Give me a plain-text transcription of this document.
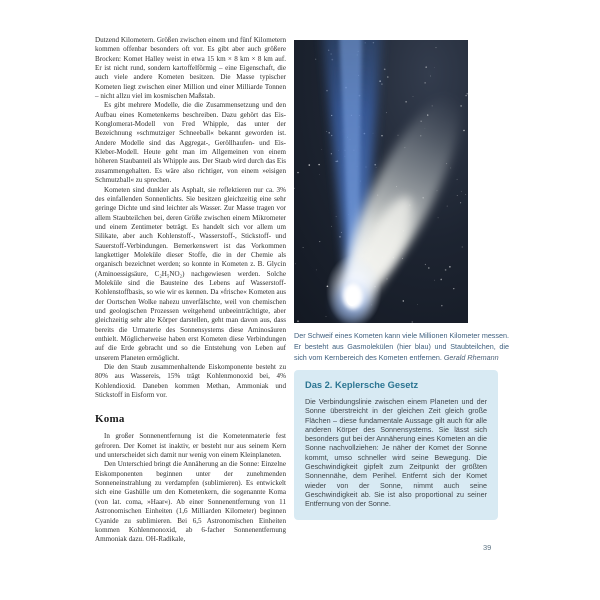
Dutzend Kilometern. Größen zwischen einem und fünf Kilometern kommen offenbar besonders oft vor. Es gibt aber auch größere Brocken: Komet Halley weist in etwa 15 km × 8 km × 8 km auf. Er ist nicht rund, sondern kartoffelförmig – eine Eigenschaft, die auch viele andere Kometen besitzen. Die Masse typischer Kometen liegt zwischen einer Million und einer Milliarde Tonnen – nicht allzu viel im kosmischen Maßstab.

Es gibt mehrere Modelle, die die Zusammensetzung und den Aufbau eines Kometenkerns beschreiben. Dazu gehört das Eis-Konglomerat-Modell von Fred Whipple, das unter der Bezeichnung »schmutziger Schneeball« bekannt geworden ist. Andere Modelle sind das Aggregat-, Geröllhaufen- und Eis-Kleber-Modell. Heute geht man im Allgemeinen von einem höheren Staubanteil als Whipple aus. Der Staub wird durch das Eis zusammengehalten. Es wäre also richtiger, von einem »eisigen Schmutzball« zu sprechen.

Kometen sind dunkler als Asphalt, sie reflektieren nur ca. 3% des einfallenden Sonnenlichts. Sie besitzen gleichzeitig eine sehr geringe Dichte und sind leichter als Wasser. Zur Masse tragen vor allem Staubteilchen bei, deren Größe zwischen einem Mikrometer und einem Zentimeter beträgt. Es handelt sich vor allem um Silikate, aber auch Kohlenstoff-, Wasserstoff-, Stickstoff- und Sauerstoff-Verbindungen. Bemerkenswert ist das Vorkommen langkettiger Moleküle dieser Stoffe, die in der Chemie als organisch bezeichnet werden; so konnte in Kometen z. B. Glycin (Aminoessigsäure, C₂H₅NO₂) nachgewiesen werden. Solche Moleküle sind die Bausteine des Lebens auf Wasserstoff-Kohlenstoffbasis, so wie wir es kennen. Da »frische« Kometen aus der Oortschen Wolke nahezu unverfälschte, weil von chemischen und geologischen Prozessen weitgehend unbeeinträchtigte, aber gleichzeitig sehr alte Körper darstellen, geht man davon aus, dass bereits die Urmaterie des Sonnensystems diese Aminosäuren enthielt. Möglicherweise haben erst Kometen diese Verbindungen auf die Erde gebracht und so die Entstehung von Leben auf unserem Planeten ermöglicht.

Die den Staub zusammenhaltende Eiskomponente besteht zu 80% aus Wassereis, 15% trägt Kohlenmonoxid bei, 4% Kohlendioxid. Daneben kommen Methan, Ammoniak und Stickstoff in Eisform vor.

Koma

In großer Sonnenentfernung ist die Kometenmaterie fest gefroren. Der Komet ist inaktiv, er besteht nur aus seinem Kern und unterscheidet sich damit nur wenig von einem Kleinplaneten.

Den Unterschied bringt die Annäherung an die Sonne: Einzelne Eiskomponenten beginnen unter der zunehmenden Sonneneinstrahlung zu verdampfen (sublimieren). Es entwickelt sich eine Gashülle um den Kometenkern, die sogenannte Koma (von lat. coma, »Haar«). Ab einer Sonnenentfernung von 11 Astronomischen Einheiten (1,6 Milliarden Kilometer) beginnen Cyanide zu sublimieren. Bei 6,5 Astronomischen Einheiten kommen Kohlenmonoxid, ab 6-facher Sonnenentfernung Ammoniak dazu. OH-Radikale,

Der Schweif eines Kometen kann viele Millionen Kilometer messen. Er besteht aus Gasmolekülen (hier blau) und Staubteilchen, die sich vom Kernbereich des Kometen entfernen. Gerald Rhemann

Das 2. Keplersche Gesetz

Die Verbindungslinie zwischen einem Planeten und der Sonne überstreicht in der gleichen Zeit gleich große Flächen – diese fundamentale Aussage gilt auch für alle anderen Körper des Sonnensystems. Sie lässt sich besonders gut bei der Annäherung eines Kometen an die Sonne nachvollziehen: Je näher der Komet der Sonne kommt, umso schneller wird seine Bewegung. Die Geschwindigkeit gipfelt zum Zeitpunkt der größten Sonnennähe, dem Perihel. Entfernt sich der Komet wieder von der Sonne, nimmt auch seine Geschwindigkeit ab. Sie ist also proportional zu seiner Entfernung von der Sonne.

39
